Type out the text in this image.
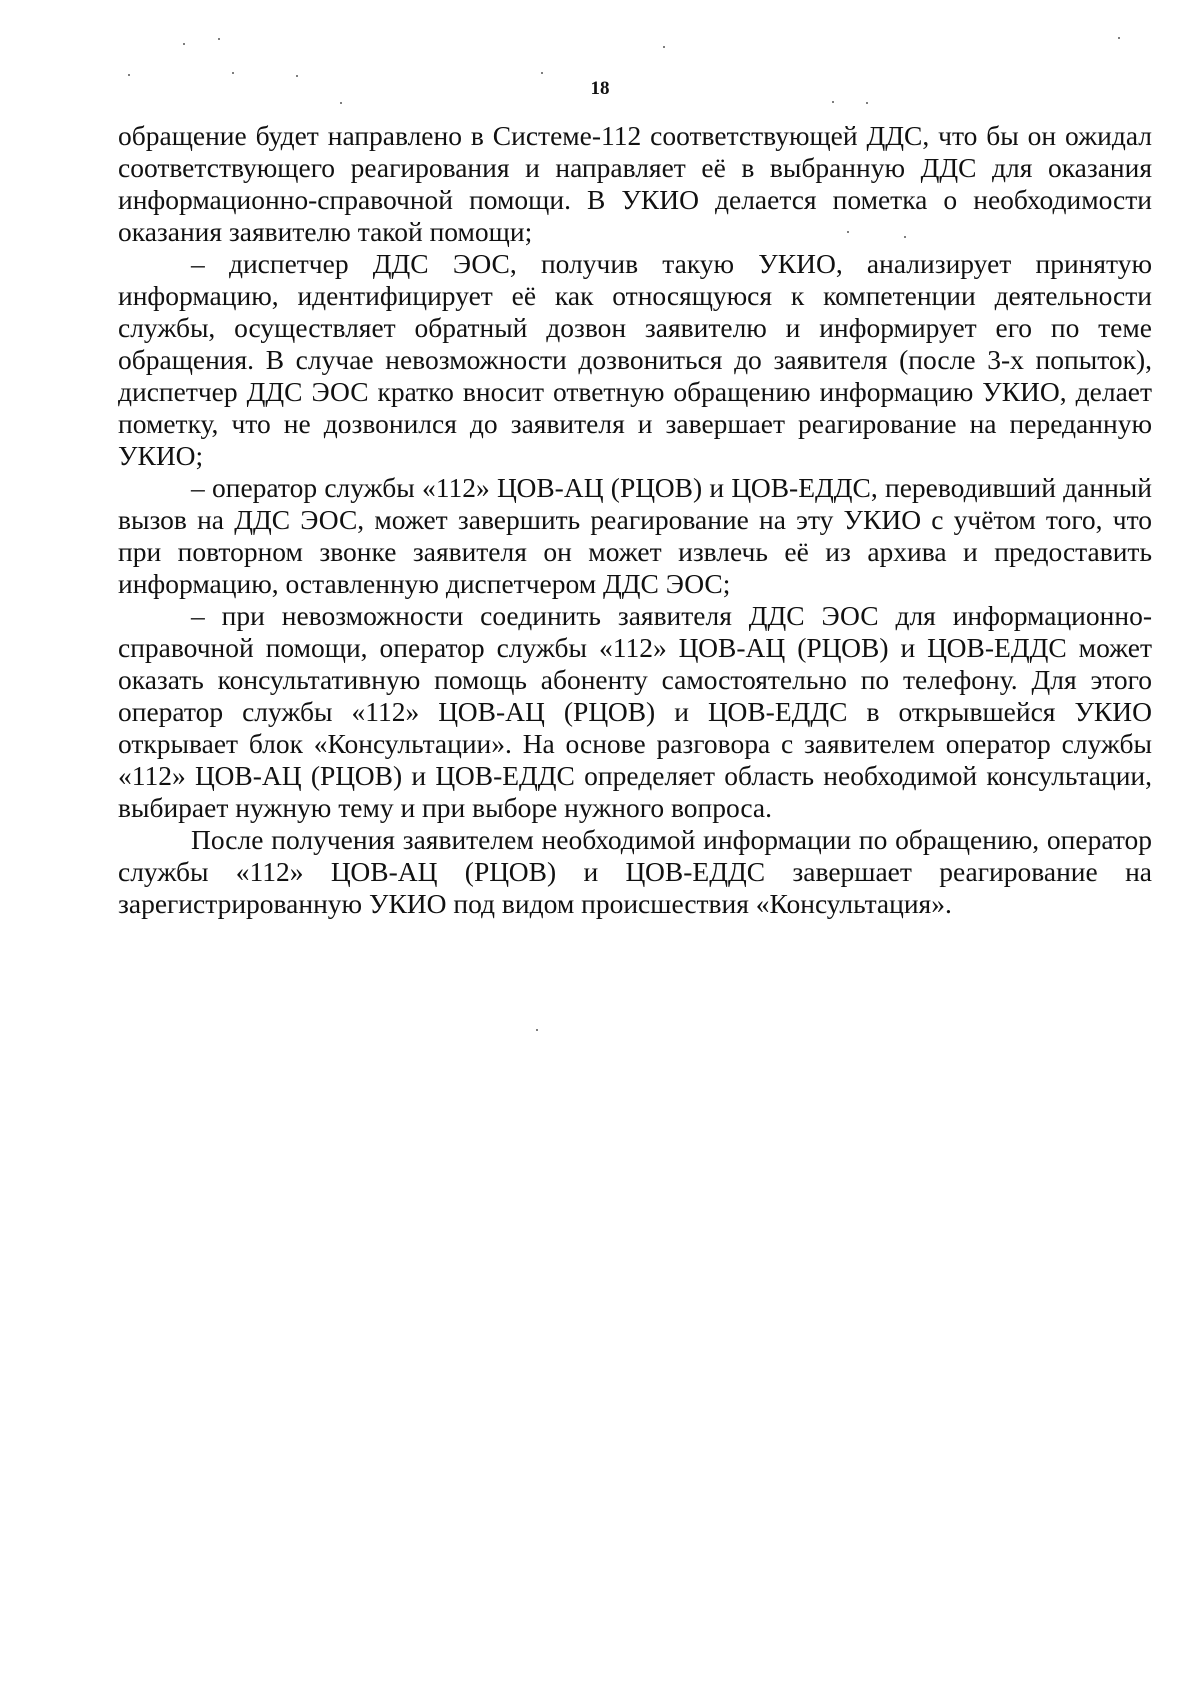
18

обращение будет направлено в Системе-112 соответствующей ДДС, что бы он ожидал соответствующего реагирования и направляет её в выбранную ДДС для оказания информационно-справочной помощи. В УКИО делается пометка о необходимости оказания заявителю такой помощи;

– диспетчер ДДС ЭОС, получив такую УКИО, анализирует принятую информацию, идентифицирует её как относящуюся к компетенции деятельности службы, осуществляет обратный дозвон заявителю и информирует его по теме обращения. В случае невозможности дозвониться до заявителя (после 3-х попыток), диспетчер ДДС ЭОС кратко вносит ответную обращению информацию УКИО, делает пометку, что не дозвонился до заявителя и завершает реагирование на переданную УКИО;

– оператор службы «112» ЦОВ-АЦ (РЦОВ) и ЦОВ-ЕДДС, переводивший данный вызов на ДДС ЭОС, может завершить реагирование на эту УКИО с учётом того, что при повторном звонке заявителя он может извлечь её из архива и предоставить информацию, оставленную диспетчером ДДС ЭОС;

– при невозможности соединить заявителя ДДС ЭОС для информационно-справочной помощи, оператор службы «112» ЦОВ-АЦ (РЦОВ) и ЦОВ-ЕДДС может оказать консультативную помощь абоненту самостоятельно по телефону. Для этого оператор службы «112» ЦОВ-АЦ (РЦОВ) и ЦОВ-ЕДДС в открывшейся УКИО открывает блок «Консультации». На основе разговора с заявителем оператор службы «112» ЦОВ-АЦ (РЦОВ) и ЦОВ-ЕДДС определяет область необходимой консультации, выбирает нужную тему и при выборе нужного вопроса.

После получения заявителем необходимой информации по обращению, оператор службы «112» ЦОВ-АЦ (РЦОВ) и ЦОВ-ЕДДС завершает реагирование на зарегистрированную УКИО под видом происшествия «Консультация».
